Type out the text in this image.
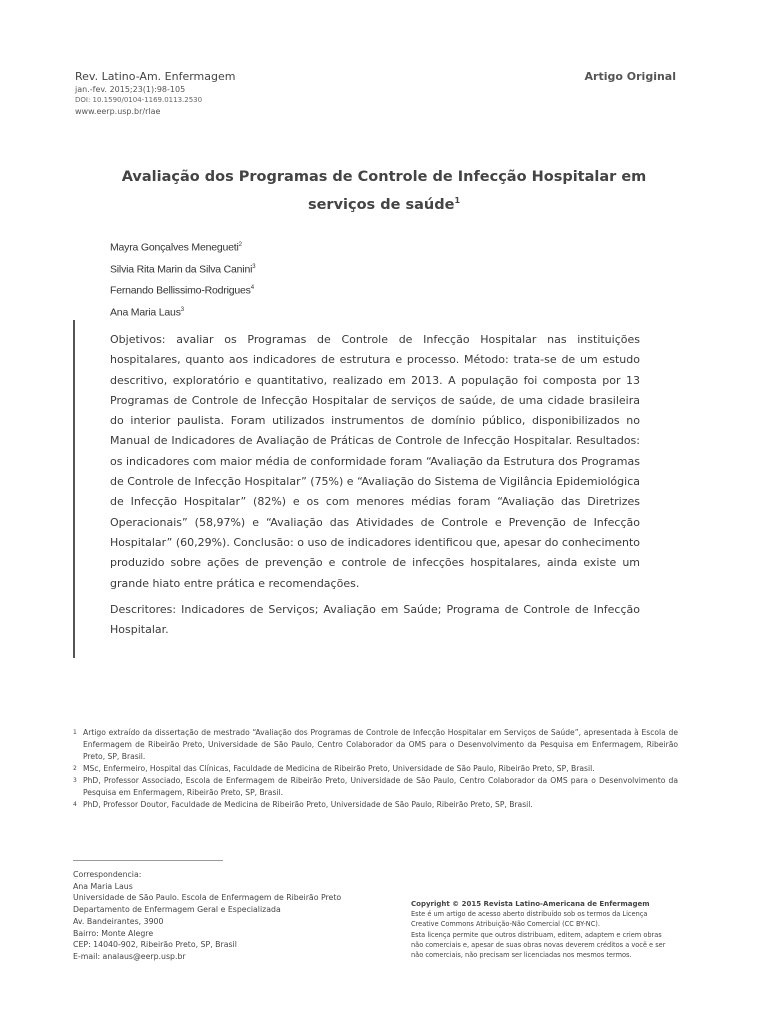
Rev. Latino-Am. Enfermagem
jan.-fev. 2015;23(1):98-105
DOI: 10.1590/0104-1169.0113.2530
www.eerp.usp.br/rlae
Artigo Original
Avaliação dos Programas de Controle de Infecção Hospitalar em
serviços de saúde$^1$
Mayra Gonçalves Menegueti$^2$
Silvia Rita Marin da Silva Canini$^3$
Fernando Bellissimo-Rodrigues$^4$
Ana Maria Laus$^3$

Objetivos: avaliar os Programas de Controle de Infecção Hospitalar nas instituições hospitalares, quanto aos indicadores de estrutura e processo. Método: trata-se de um estudo descritivo, exploratório e quantitativo, realizado em 2013. A população foi composta por 13 Programas de Controle de Infecção Hospitalar de serviços de saúde, de uma cidade brasileira do interior paulista. Foram utilizados instrumentos de domínio público, disponibilizados no Manual de Indicadores de Avaliação de Práticas de Controle de Infecção Hospitalar. Resultados: os indicadores com maior média de conformidade foram “Avaliação da Estrutura dos Programas de Controle de Infecção Hospitalar” (75%) e “Avaliação do Sistema de Vigilância Epidemiológica de Infecção Hospitalar” (82%) e os com menores médias foram “Avaliação das Diretrizes Operacionais” (58,97%) e “Avaliação das Atividades de Controle e Prevenção de Infecção Hospitalar” (60,29%). Conclusão: o uso de indicadores identificou que, apesar do conhecimento produzido sobre ações de prevenção e controle de infecções hospitalares, ainda existe um grande hiato entre prática e recomendações.

Descritores: Indicadores de Serviços; Avaliação em Saúde; Programa de Controle de Infecção Hospitalar.

1 Artigo extraído da dissertação de mestrado “Avaliação dos Programas de Controle de Infecção Hospitalar em Serviços de Saúde”, apresentada à Escola de Enfermagem de Ribeirão Preto, Universidade de São Paulo, Centro Colaborador da OMS para o Desenvolvimento da Pesquisa em Enfermagem, Ribeirão Preto, SP, Brasil.
2 MSc, Enfermeiro, Hospital das Clínicas, Faculdade de Medicina de Ribeirão Preto, Universidade de São Paulo, Ribeirão Preto, SP, Brasil.
3 PhD, Professor Associado, Escola de Enfermagem de Ribeirão Preto, Universidade de São Paulo, Centro Colaborador da OMS para o Desenvolvimento da Pesquisa em Enfermagem, Ribeirão Preto, SP, Brasil.
4 PhD, Professor Doutor, Faculdade de Medicina de Ribeirão Preto, Universidade de São Paulo, Ribeirão Preto, SP, Brasil.
Correspondencia:
Ana Maria Laus
Universidade de São Paulo. Escola de Enfermagem de Ribeirão Preto
Departamento de Enfermagem Geral e Especializada
Av. Bandeirantes, 3900
Bairro: Monte Alegre
CEP: 14040-902, Ribeirão Preto, SP, Brasil
E-mail: analaus@eerp.usp.br
Copyright © 2015 Revista Latino-Americana de Enfermagem
Este é um artigo de acesso aberto distribuído sob os termos da Licença
Creative Commons Atribuição-Não Comercial (CC BY-NC).
Esta licença permite que outros distribuam, editem, adaptem e criem obras
não comerciais e, apesar de suas obras novas deverem créditos a você e ser
não comerciais, não precisam ser licenciadas nos mesmos termos.
